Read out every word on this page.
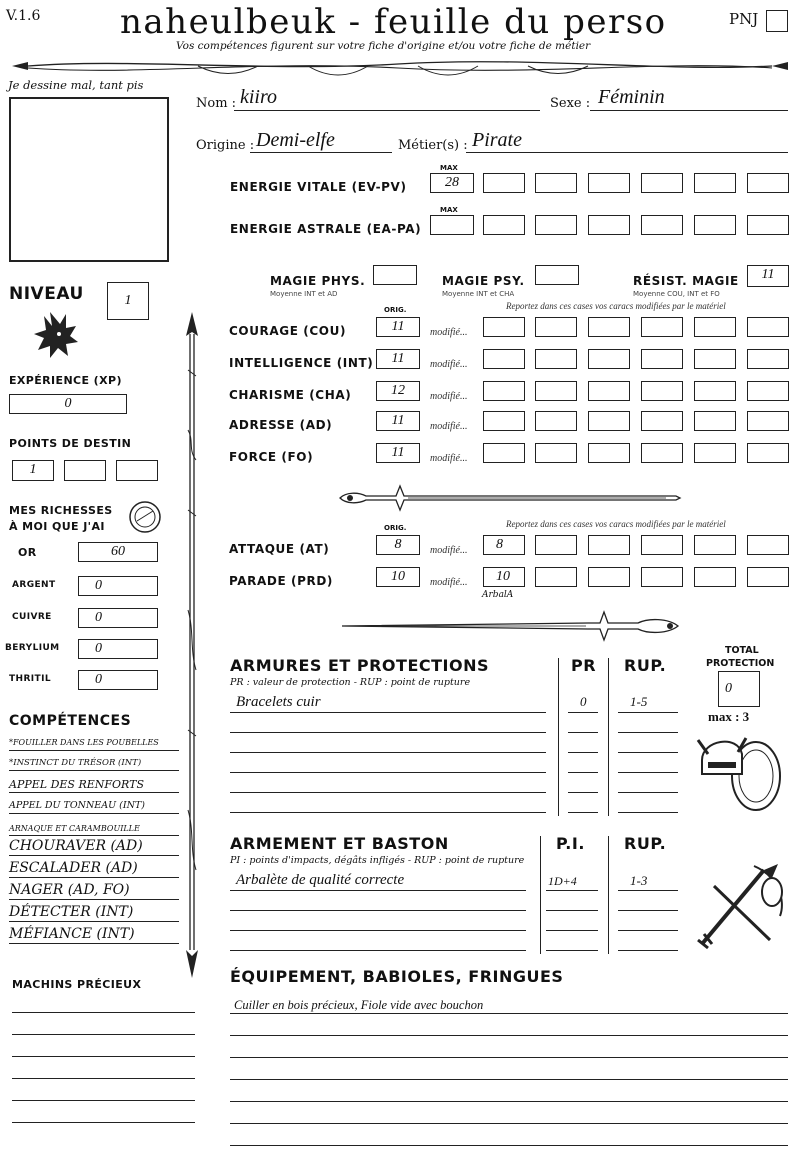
V.1.6 naheulbeuk - feuille du perso	PNJ
Vos compétences figurent sur votre fiche d'origine et/ou votre fiche de métier
Je dessine mal, tant pis
NIVEAU	1
EXPÉRIENCE (XP)
0
POINTS DE DESTIN
1
MES RICHESSES
À MOI QUE J'AI
OR	60
ARGENT	0
CUIVRE	0
BERYLIUM	0
THRITIL	0
COMPÉTENCES
*FOUILLER DANS LES POUBELLES
*INSTINCT DU TRÉSOR (INT)
APPEL DES RENFORTS
APPEL DU TONNEAU (INT)
ARNAQUE ET CARAMBOUILLE
CHOURAVER (AD)
ESCALADER (AD)
NAGER (AD, FO)
DÉTECTER (INT)
MÉFIANCE (INT)
MACHINS PRÉCIEUX
Nom : kiiro	Sexe : Féminin
Origine : Demi-elfe	Métier(s) : Pirate
MAX
ENERGIE VITALE (EV-PV)	28
MAX
ENERGIE ASTRALE (EA-PA)
MAGIE PHYS.
Moyenne INT et AD
MAGIE PSY.
Moyenne INT et CHA
RÉSIST. MAGIE
Moyenne COU, INT et FO
11
ORIG.	Reportez dans ces cases vos caracs modifiées par le matériel
COURAGE (COU)	11	modifié...
INTELLIGENCE (INT)	11	modifié...
CHARISME (CHA)	12	modifié...
ADRESSE (AD)	11	modifié...
FORCE (FO)	11	modifié...
ORIG.	Reportez dans ces cases vos caracs modifiées par le matériel
ATTAQUE (AT)	8	modifié...	8
PARADE (PRD)	10	modifié...	10
ArbalA
ARMURES ET PROTECTIONS
PR : valeur de protection - RUP : point de rupture
PR RUP.
Bracelets cuir	0	1-5
TOTAL
PROTECTION
0
max : 3
ARMEMENT ET BASTON
PI : points d'impacts, dégâts infligés - RUP : point de rupture
P.I. RUP.
Arbalète de qualité correcte	1D+4	1-3
ÉQUIPEMENT, BABIOLES, FRINGUES
Cuiller en bois précieux, Fiole vide avec bouchon
